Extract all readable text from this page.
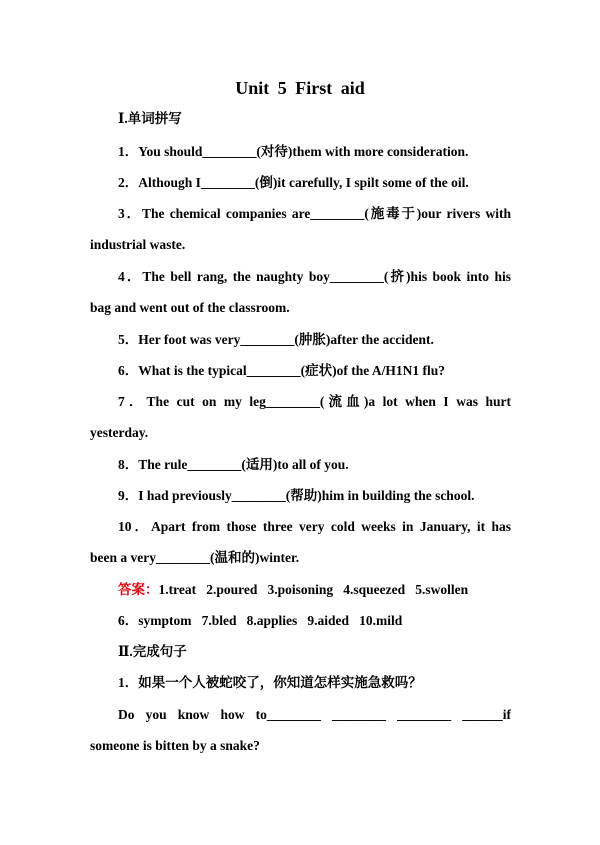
Unit 5 First aid
Ⅰ.单词拼写
1．You should________(对待)them with more consideration.
2．Although I________(倒)it carefully, I spilt some of the oil.
3．The chemical companies are________(施毒于)our rivers with
industrial waste.
4．The bell rang, the naughty boy________(挤)his book into his
bag and went out of the classroom.
5．Her foot was very________(肿胀)after the accident.
6．What is the typical________(症状)of the A/H1N1 flu?
7．The cut on my leg________(流血)a lot when I was hurt
yesterday.
8．The rule________(适用)to all of you.
9．I had previously________(帮助)him in building the school.
10．Apart from those three very cold weeks in January, it has
been a very________(温和的)winter.
答案：1.treat   2.poured   3.poisoning   4.squeezed   5.swollen
6．symptom   7.bled   8.applies   9.aided   10.mild
Ⅱ.完成句子
1．如果一个人被蛇咬了，你知道怎样实施急救吗？
Do you know how to________ ________ ________ ______if
someone is bitten by a snake?
